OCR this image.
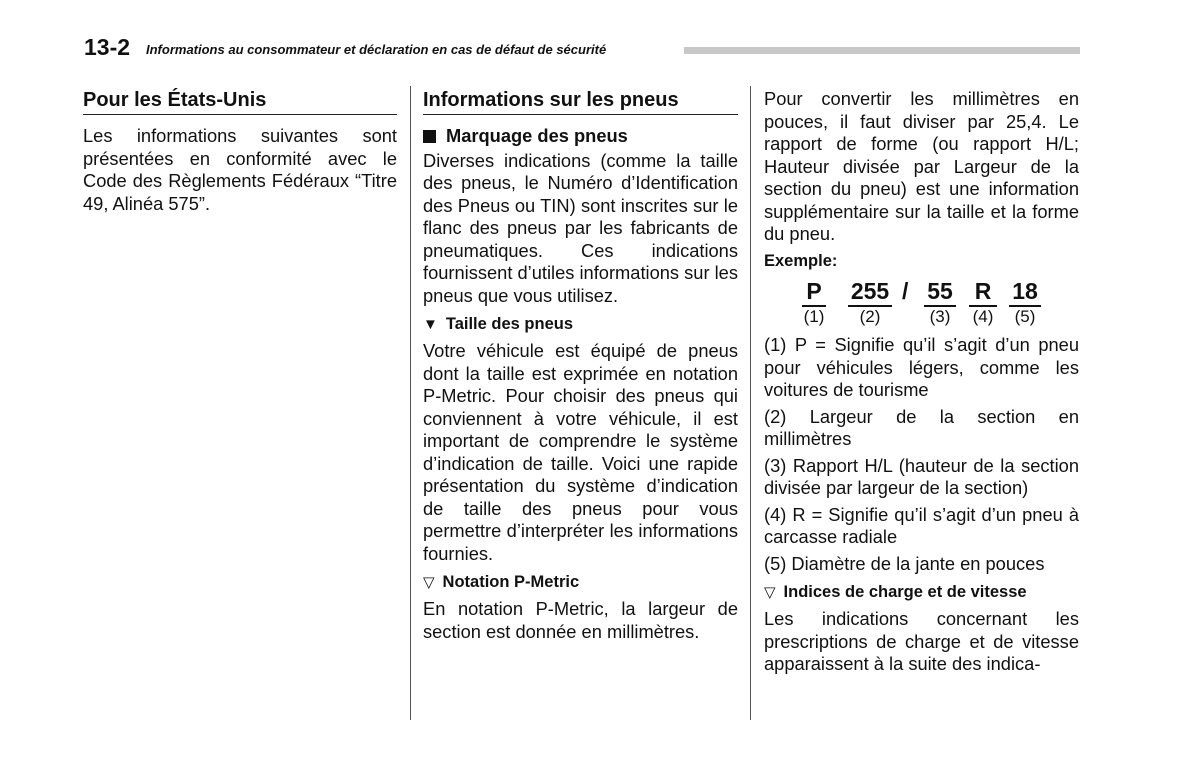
13-2 Informations au consommateur et déclaration en cas de défaut de sécurité
Pour les États-Unis

Les informations suivantes sont présentées en conformité avec le Code des Règlements Fédéraux “Titre 49, Alinéa 575”.

Informations sur les pneus
Marquage des pneus

Diverses indications (comme la taille des pneus, le Numéro d’Identification des Pneus ou TIN) sont inscrites sur le flanc des pneus par les fabricants de pneumatiques. Ces indications fournissent d’utiles informations sur les pneus que vous utilisez.

▼ Taille des pneus

Votre véhicule est équipé de pneus dont la taille est exprimée en notation P-Metric. Pour choisir des pneus qui conviennent à votre véhicule, il est important de comprendre le système d’indication de taille. Voici une rapide présentation du système d’indication de taille des pneus pour vous permettre d’interpréter les informations fournies.

▽ Notation P-Metric

En notation P-Metric, la largeur de section est donnée en millimètres.

Pour convertir les millimètres en pouces, il faut diviser par 25,4. Le rapport de forme (ou rapport H/L; Hauteur divisée par Largeur de la section du pneu) est une information supplémentaire sur la taille et la forme du pneu.

Exemple:
P
(1)
255
(2)
/ 55
(3)
R
(4)
18
(5)

(1) P = Signifie qu’il s’agit d’un pneu pour véhicules légers, comme les voitures de tourisme

(2) Largeur de la section en millimètres

(3) Rapport H/L (hauteur de la section divisée par largeur de la section)

(4) R = Signifie qu’il s’agit d’un pneu à carcasse radiale

(5) Diamètre de la jante en pouces

▽ Indices de charge et de vitesse

Les indications concernant les prescriptions de charge et de vitesse apparaissent à la suite des indica-
